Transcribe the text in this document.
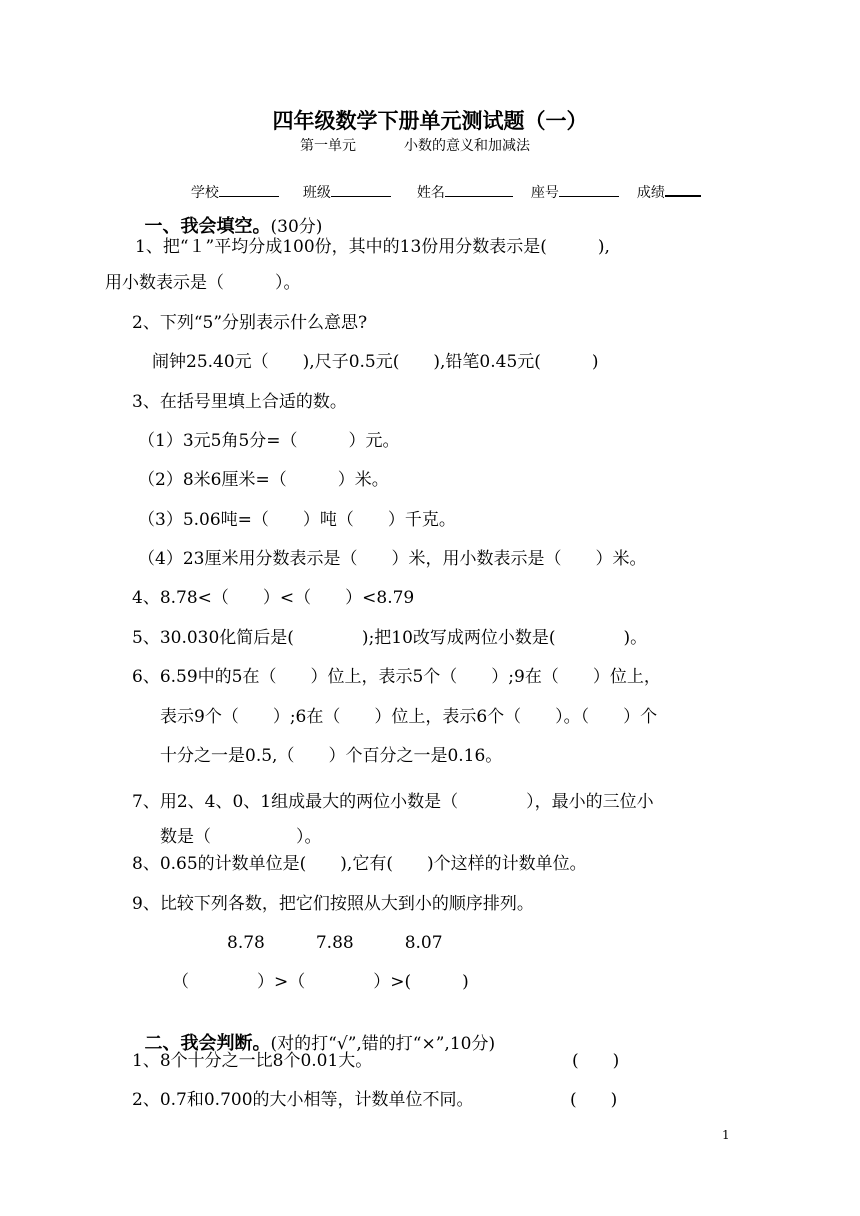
四年级数学下册单元测试题（一）
第一单元	小数的意义和加减法

学校	班级	姓名	座号	成绩

一、我会填空。(30分)

1、把“１”平均分成100份，其中的13份用分数表示是(　　　),
用小数表示是（　　　）。
2、下列“5”分别表示什么意思?
闹钟25.40元（　　),尺子0.5元(　　),铅笔0.45元(　　　)
3、在括号里填上合适的数。
（1）3元5角5分=（　　　）元。
（2）8米6厘米=（　　　）米。
（3）5.06吨=（　　）吨（　　）千克。
（4）23厘米用分数表示是（　　）米，用小数表示是（　　）米。
4、8.78<（　　）<（　　）<8.79
5、30.030化简后是(　　　　);把10改写成两位小数是(　　　　)。
6、6.59中的5在（　　）位上，表示5个（　　）;9在（　　）位上，
表示9个（　　）;6在（　　）位上，表示6个（　　）。（　　）个
十分之一是0.5,（　　）个百分之一是0.16。
7、用2、4、0、1组成最大的两位小数是（　　　　），最小的三位小
数是（　　　　　）。
8、0.65的计数单位是(　　),它有(　　)个这样的计数单位。
9、比较下列各数，把它们按照从大到小的顺序排列。
8.78　　　7.88　　　8.07
（　　　　）>（　　　　）>(　　　)

二、我会判断。(对的打“√”,错的打“×”,10分)

1、8个十分之一比8个0.01大。	(　　)
2、0.7和0.700的大小相等，计数单位不同。	(　　)
1
